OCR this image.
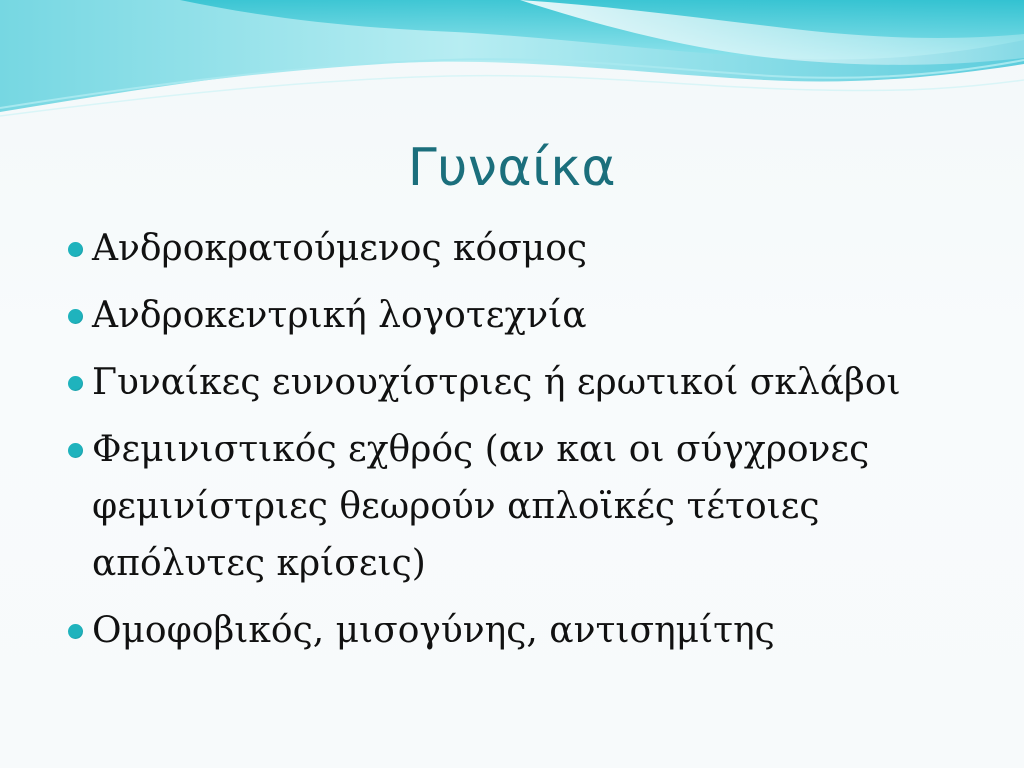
Γυναίκα
Ανδροκρατούμενος κόσμος
Ανδροκεντρική λογοτεχνία
Γυναίκες ευνουχίστριες ή ερωτικοί σκλάβοι
Φεμινιστικός εχθρός (αν και οι σύγχρονες φεμινίστριες θεωρούν απλοϊκές τέτοιες απόλυτες κρίσεις)
Ομοφοβικός, μισογύνης, αντισημίτης
